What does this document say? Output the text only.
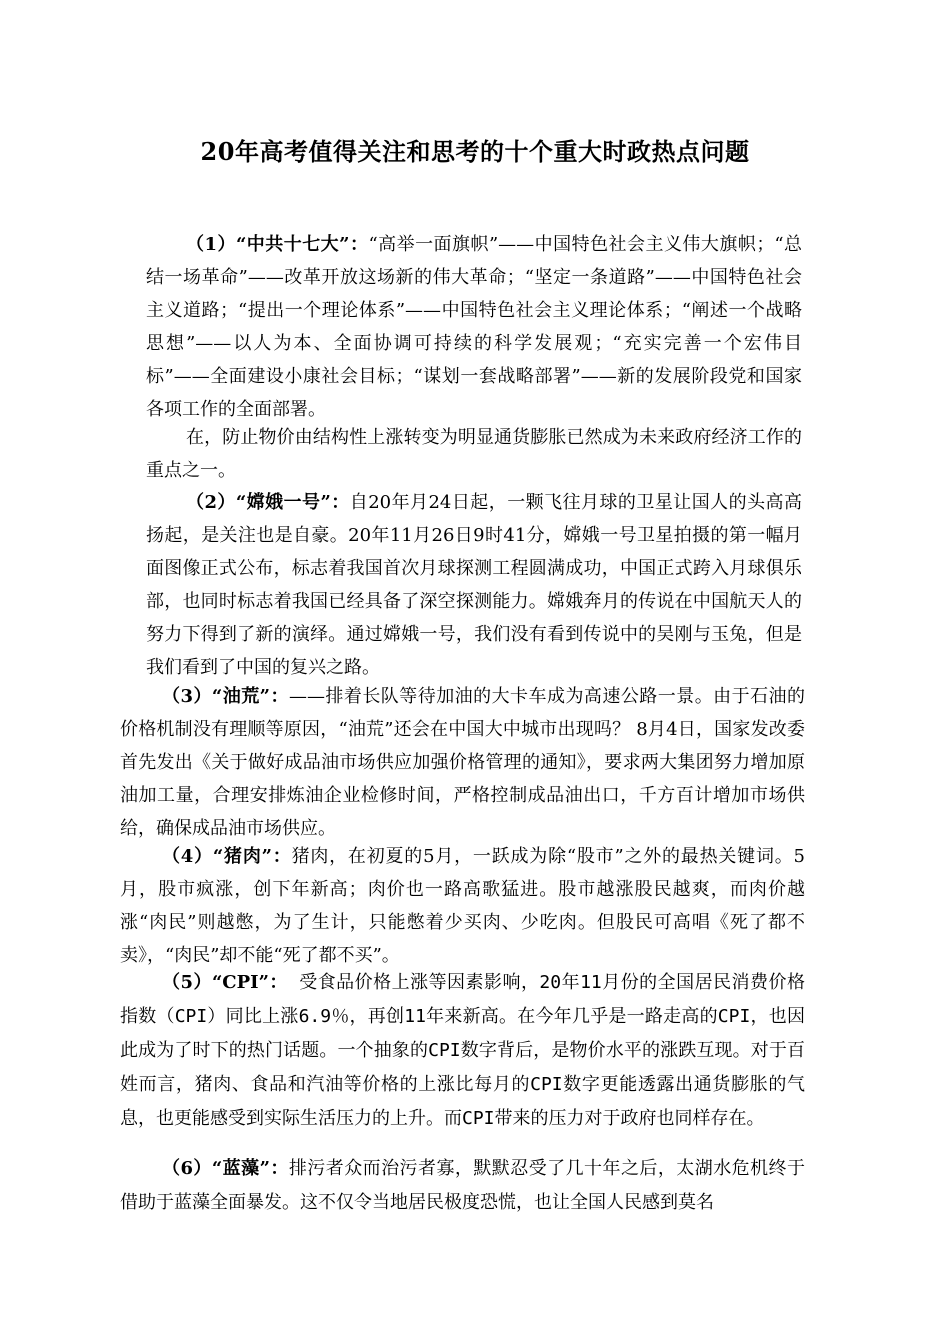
20年高考值得关注和思考的十个重大时政热点问题

（1）“中共十七大”：“高举一面旗帜”——中国特色社会主义伟大旗帜；“总结一场革命”——改革开放这场新的伟大革命；“坚定一条道路”——中国特色社会主义道路；“提出一个理论体系”——中国特色社会主义理论体系；“阐述一个战略思想”——以人为本、全面协调可持续的科学发展观；“充实完善一个宏伟目标”——全面建设小康社会目标；“谋划一套战略部署”——新的发展阶段党和国家各项工作的全面部署。

在，防止物价由结构性上涨转变为明显通货膨胀已然成为未来政府经济工作的重点之一。

（2）“嫦娥一号”：自20年月24日起，一颗飞往月球的卫星让国人的头高高扬起，是关注也是自豪。20年11月26日9时41分，嫦娥一号卫星拍摄的第一幅月面图像正式公布，标志着我国首次月球探测工程圆满成功，中国正式跨入月球俱乐部，也同时标志着我国已经具备了深空探测能力。嫦娥奔月的传说在中国航天人的努力下得到了新的演绎。通过嫦娥一号，我们没有看到传说中的吴刚与玉兔，但是我们看到了中国的复兴之路。

（3）“油荒”：——排着长队等待加油的大卡车成为高速公路一景。由于石油的价格机制没有理顺等原因，“油荒”还会在中国大中城市出现吗？ 8月4日，国家发改委首先发出《关于做好成品油市场供应加强价格管理的通知》，要求两大集团努力增加原油加工量，合理安排炼油企业检修时间，严格控制成品油出口，千方百计增加市场供给，确保成品油市场供应。

（4）“猪肉”：猪肉，在初夏的5月，一跃成为除“股市”之外的最热关键词。5月，股市疯涨，创下年新高；肉价也一路高歌猛进。股市越涨股民越爽，而肉价越涨“肉民”则越憋，为了生计，只能憋着少买肉、少吃肉。但股民可高唱《死了都不卖》，“肉民”却不能“死了都不买”。

（5）“CPI”： 受食品价格上涨等因素影响，20年11月份的全国居民消费价格指数（CPI）同比上涨6.9％，再创11年来新高。在今年几乎是一路走高的CPI，也因此成为了时下的热门话题。一个抽象的CPI数字背后，是物价水平的涨跌互现。对于百姓而言，猪肉、食品和汽油等价格的上涨比每月的CPI数字更能透露出通货膨胀的气息，也更能感受到实际生活压力的上升。而CPI带来的压力对于政府也同样存在。

（6）“蓝藻”：排污者众而治污者寡，默默忍受了几十年之后，太湖水危机终于借助于蓝藻全面暴发。这不仅令当地居民极度恐慌，也让全国人民感到莫名
